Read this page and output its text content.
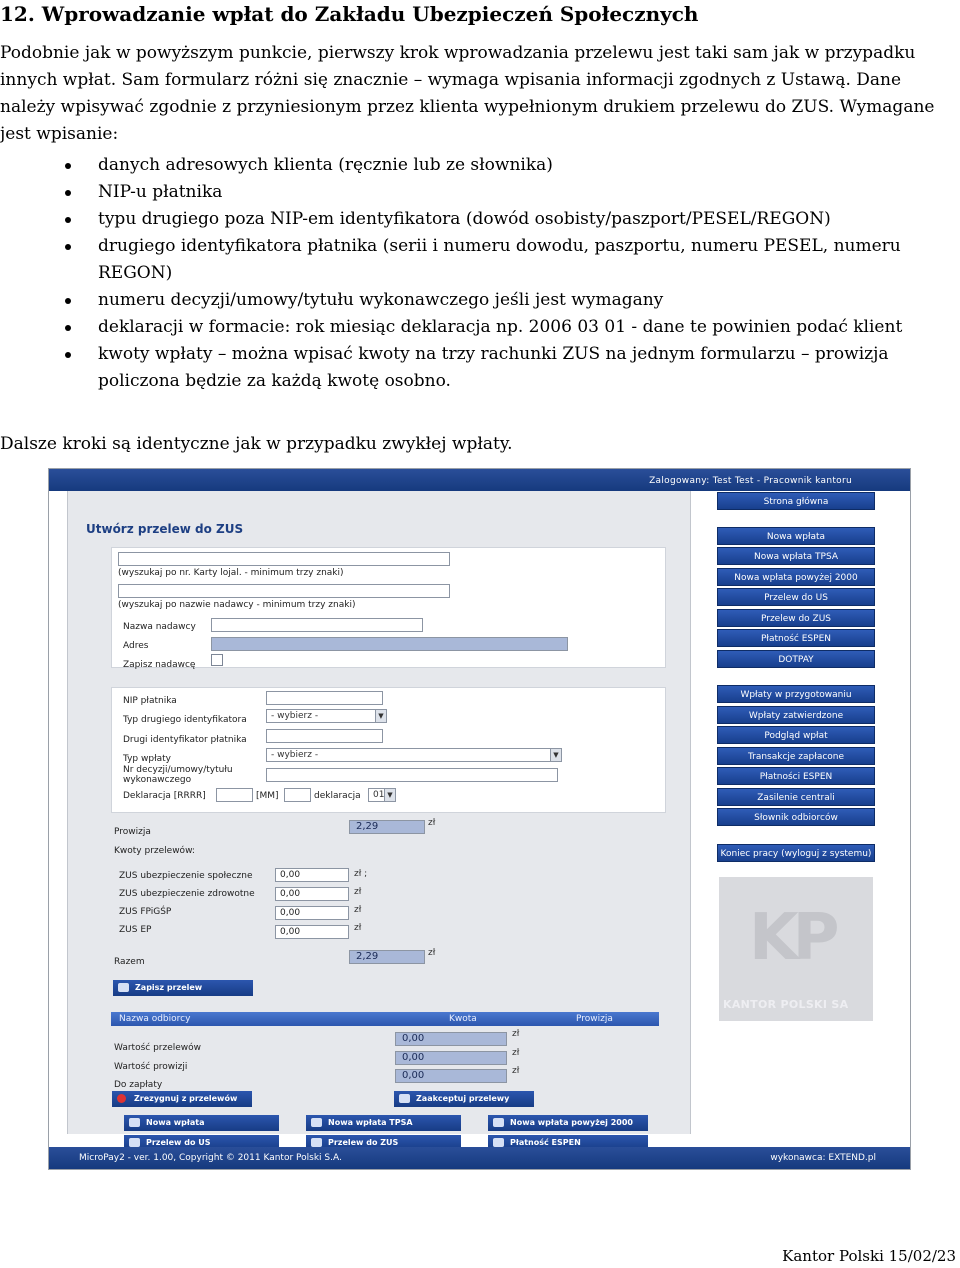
12. Wprowadzanie wpłat do Zakładu Ubezpieczeń Społecznych
Podobnie jak w powyższym punkcie, pierwszy krok wprowadzania przelewu jest taki sam jak w przypadku innych wpłat. Sam formularz różni się znacznie – wymaga wpisania informacji zgodnych z Ustawą. Dane należy wpisywać zgodnie z przyniesionym przez klienta wypełnionym drukiem przelewu do ZUS. Wymagane jest wpisanie:
danych adresowych klienta (ręcznie lub ze słownika)
NIP-u płatnika
typu drugiego poza NIP-em identyfikatora (dowód osobisty/paszport/PESEL/REGON)
drugiego identyfikatora płatnika (serii i numeru dowodu, paszportu, numeru PESEL, numeru REGON)
numeru decyzji/umowy/tytułu wykonawczego jeśli jest wymagany
deklaracji w formacie: rok miesiąc deklaracja np. 2006 03 01 - dane te powinien podać klient
kwoty wpłaty – można wpisać kwoty na trzy rachunki ZUS na jednym formularzu – prowizja policzona będzie za każdą kwotę osobno.
Dalsze kroki są identyczne jak w przypadku zwykłej wpłaty.
Zalogowany: Test Test - Pracownik kantoru
Utwórz przelew do ZUS
(wyszukaj po nr. Karty lojal. - minimum trzy znaki)
(wyszukaj po nazwie nadawcy - minimum trzy znaki)
Nazwa nadawcy
Adres
Zapisz nadawcę
NIP płatnika
Typ drugiego identyfikatora	- wybierz -	▼
Drugi identyfikator płatnika
Typ wpłaty	- wybierz -	▼
Nr decyzji/umowy/tytułu
wykonawczego
Deklaracja [RRRR]	[MM]	deklaracja	01 ▼
Prowizja	2,29	zł
Kwoty przelewów:
ZUS ubezpieczenie społeczne	0,00	zł ;
ZUS ubezpieczenie zdrowotne	0,00	zł
ZUS FPiGŚP	0,00	zł
ZUS EP	0,00	zł
Razem	2,29	zł
Zapisz przelew
Nazwa odbiorcy	Kwota	Prowizja
Wartość przelewów
0,00	zł
Wartość prowizji
0,00	zł
Do zapłaty
0,00	zł
Zrezygnuj z przelewów	Zaakceptuj przelewy
Nowa wpłata	Nowa wpłata TPSA	Nowa wpłata powyżej 2000
Przelew do US	Przelew do ZUS	Płatność ESPEN
Strona główna
Nowa wpłata
Nowa wpłata TPSA
Nowa wpłata powyżej 2000
Przelew do US
Przelew do ZUS
Płatność ESPEN
DOTPAY
Wpłaty w przygotowaniu
Wpłaty zatwierdzone
Podgląd wpłat
Transakcje zapłacone
Płatności ESPEN
Zasilenie centrali
Słownik odbiorców
Koniec pracy (wyloguj z systemu)
KP
KANTOR POLSKI SA
MicroPay2 - ver. 1.00, Copyright © 2011 Kantor Polski S.A.	wykonawca: EXTEND.pl
Kantor Polski 15/02/23
